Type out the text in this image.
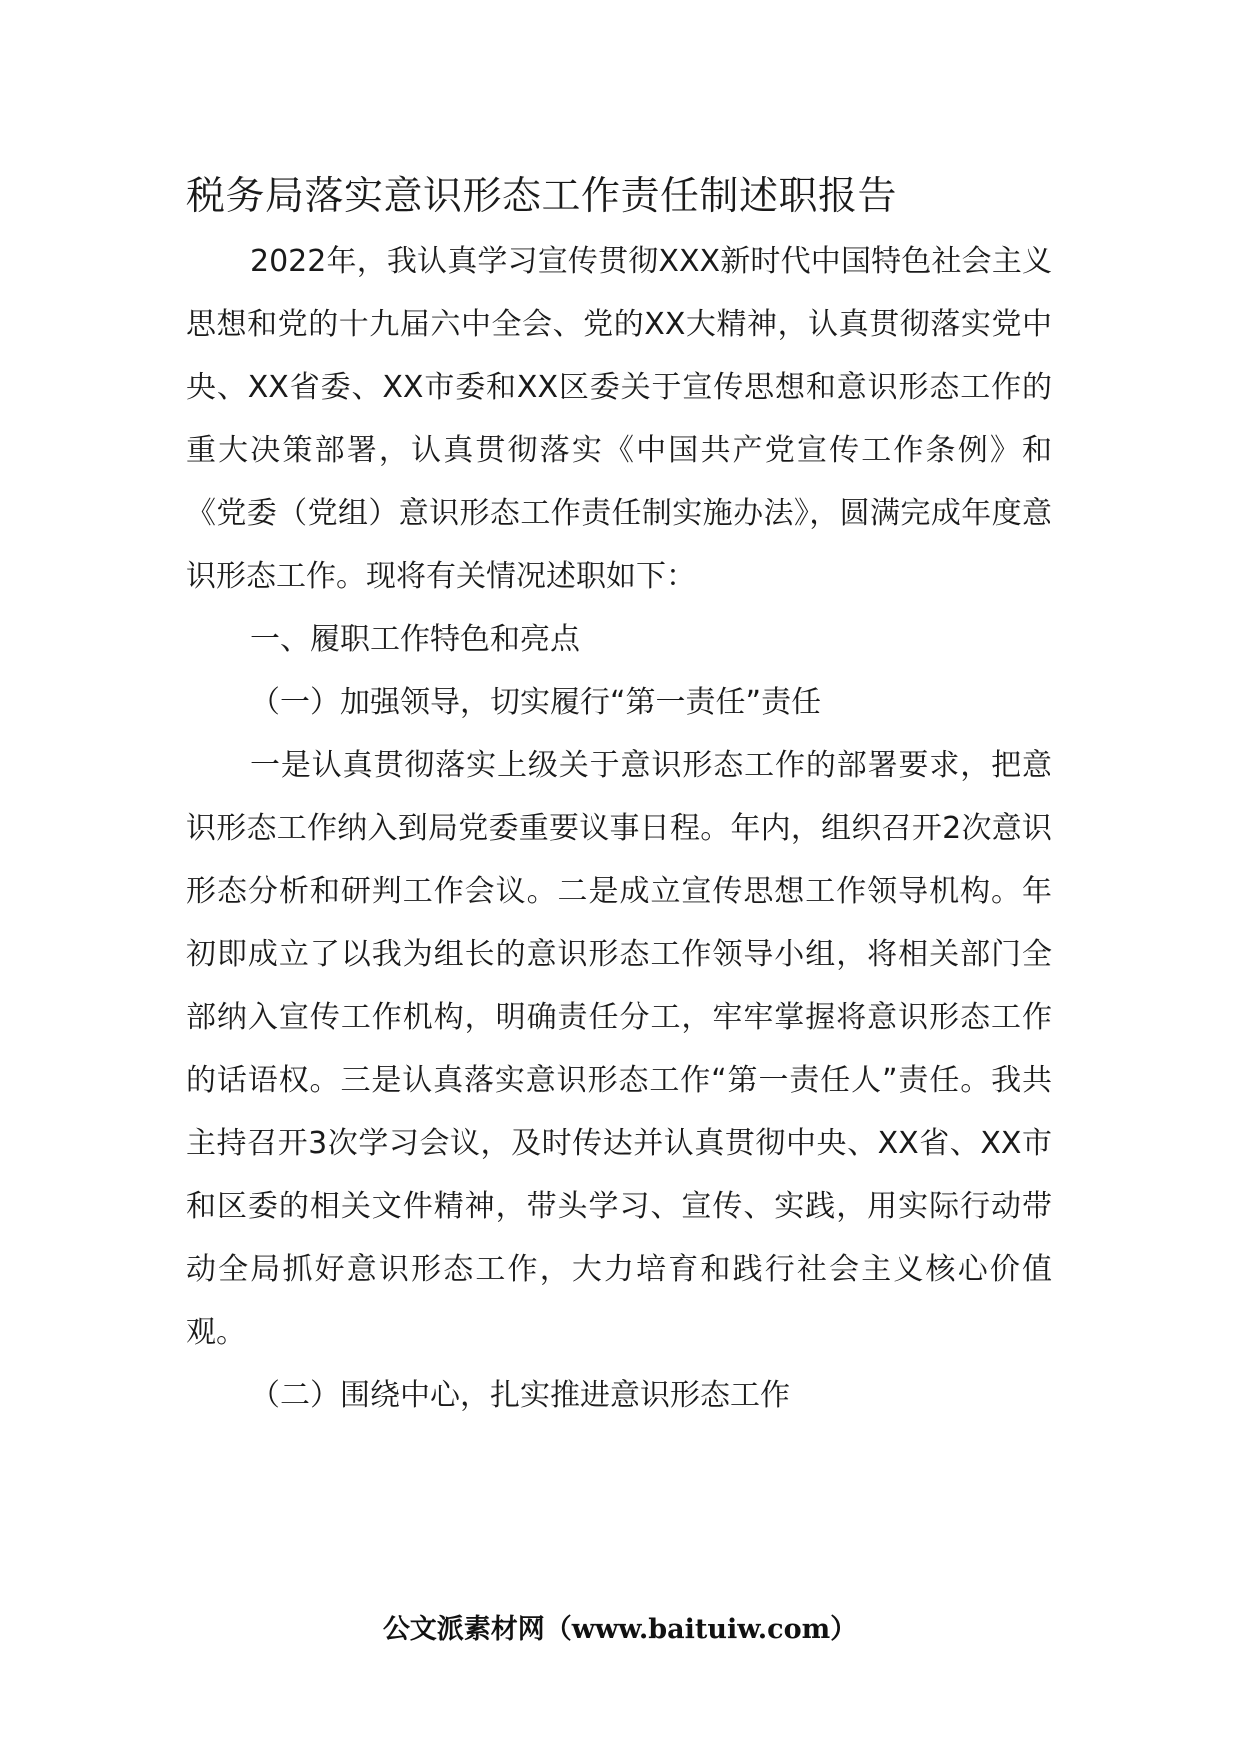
税务局落实意识形态工作责任制述职报告

2022年，我认真学习宣传贯彻XXX新时代中国特色社会主义思想和党的十九届六中全会、党的XX大精神，认真贯彻落实党中央、XX省委、XX市委和XX区委关于宣传思想和意识形态工作的重大决策部署，认真贯彻落实《中国共产党宣传工作条例》和《党委（党组）意识形态工作责任制实施办法》，圆满完成年度意识形态工作。现将有关情况述职如下：

一、履职工作特色和亮点

（一）加强领导，切实履行“第一责任”责任

一是认真贯彻落实上级关于意识形态工作的部署要求，把意识形态工作纳入到局党委重要议事日程。年内，组织召开2次意识形态分析和研判工作会议。二是成立宣传思想工作领导机构。年初即成立了以我为组长的意识形态工作领导小组，将相关部门全部纳入宣传工作机构，明确责任分工，牢牢掌握将意识形态工作的话语权。三是认真落实意识形态工作“第一责任人”责任。我共主持召开3次学习会议，及时传达并认真贯彻中央、XX省、XX市和区委的相关文件精神，带头学习、宣传、实践，用实际行动带动全局抓好意识形态工作，大力培育和践行社会主义核心价值观。

（二）围绕中心，扎实推进意识形态工作

公文派素材网（www.baituiw.com）
